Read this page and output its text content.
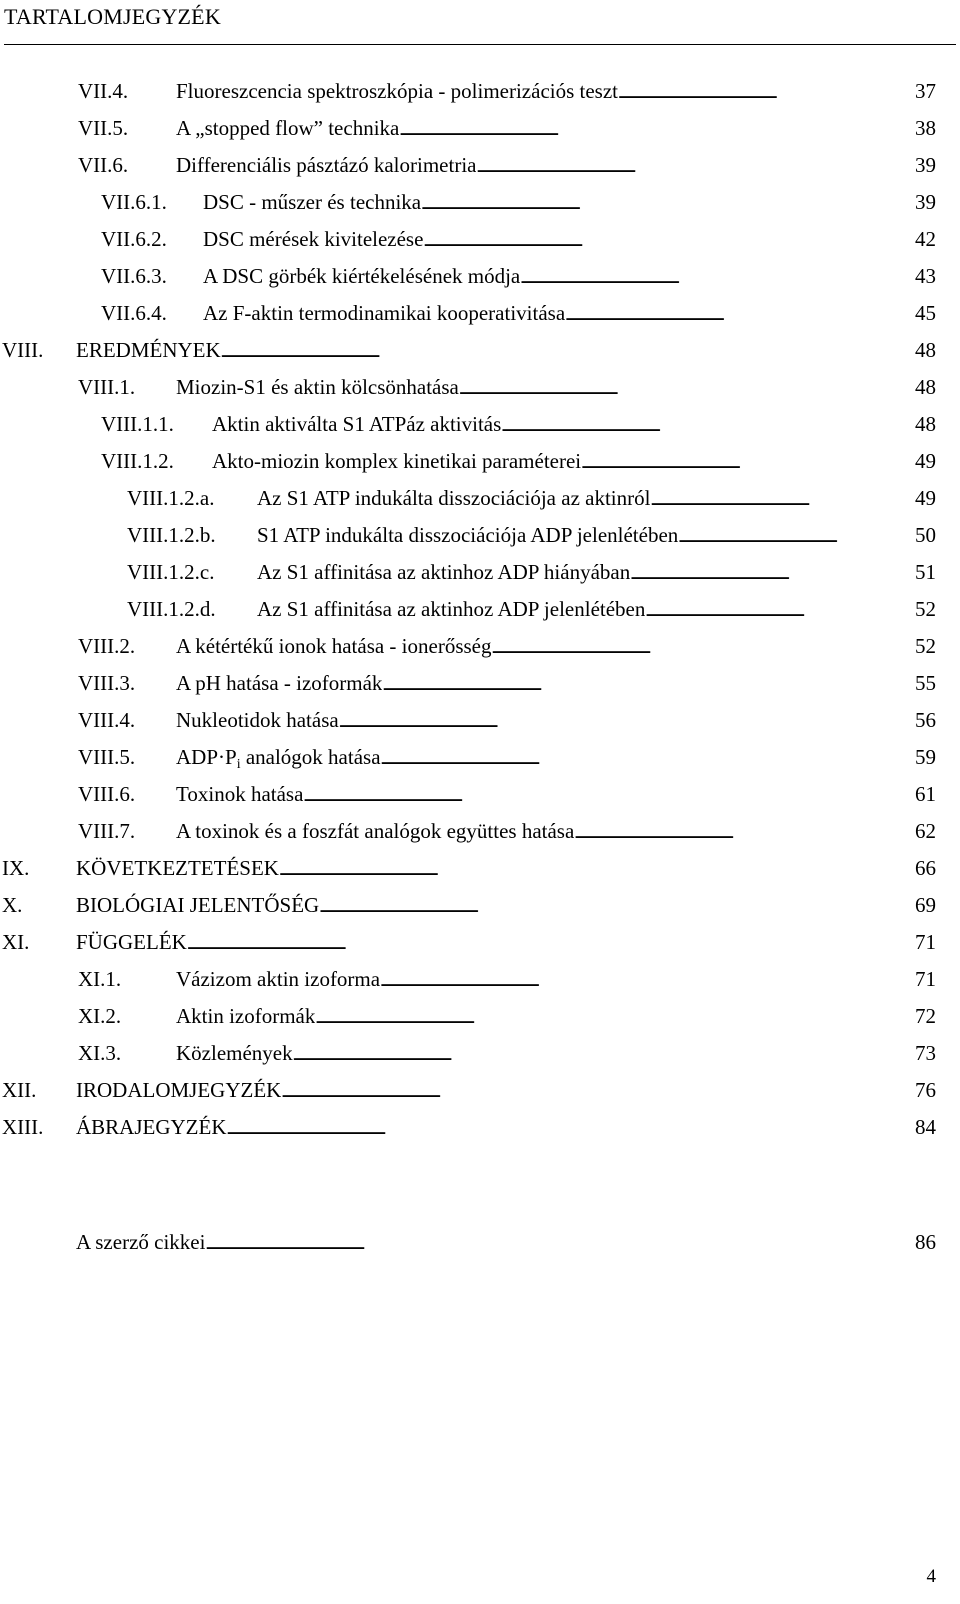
TARTALOMJEGYZÉK
VII.4.	Fluoreszcencia spektroszkópia - polimerizációs teszt . . .	37
VII.5.	A „stopped flow” technika . . .	38
VII.6.	Differenciális pásztázó kalorimetria . . .	39
VII.6.1.	DSC - műszer és technika . . .	39
VII.6.2.	DSC mérések kivitelezése . . .	42
VII.6.3.	A DSC görbék kiértékelésének módja . . .	43
VII.6.4.	Az F-aktin termodinamikai kooperativitása . . .	45
VIII.	EREDMÉNYEK . . .	48
VIII.1.	Miozin-S1 és aktin kölcsönhatása . . .	48
VIII.1.1.	Aktin aktiválta S1 ATPáz aktivitás . . .	48
VIII.1.2.	Akto-miozin komplex kinetikai paraméterei . . .	49
VIII.1.2.a.	Az S1 ATP indukálta disszociációja az aktinról . . .	49
VIII.1.2.b.	S1 ATP indukálta disszociációja ADP jelenlétében . . .	50
VIII.1.2.c.	Az S1 affinitása az aktinhoz ADP hiányában . . .	51
VIII.1.2.d.	Az S1 affinitása az aktinhoz ADP jelenlétében . . .	52
VIII.2.	A kétértékű ionok hatása - ionerősség . . .	52
VIII.3.	A pH hatása - izoformák . . .	55
VIII.4.	Nukleotidok hatása . . .	56
VIII.5.	$ADP\cdot P_i$ analógok hatása . . .	59
VIII.6.	Toxinok hatása . . .	61
VIII.7.	A toxinok és a foszfát analógok együttes hatása . . .	62
IX.	KÖVETKEZTETÉSEK . . .	66
X.	BIOLÓGIAI JELENTŐSÉG . . .	69
XI.	FÜGGELÉK . . .	71
XI.1.	Vázizom aktin izoforma . . .	71
XI.2.	Aktin izoformák . . .	72
XI.3.	Közlemények . . .	73
XII.	IRODALOMJEGYZÉK . . .	76
XIII.	ÁBRAJEGYZÉK . . .	84
A szerző cikkei . . .	86
4
